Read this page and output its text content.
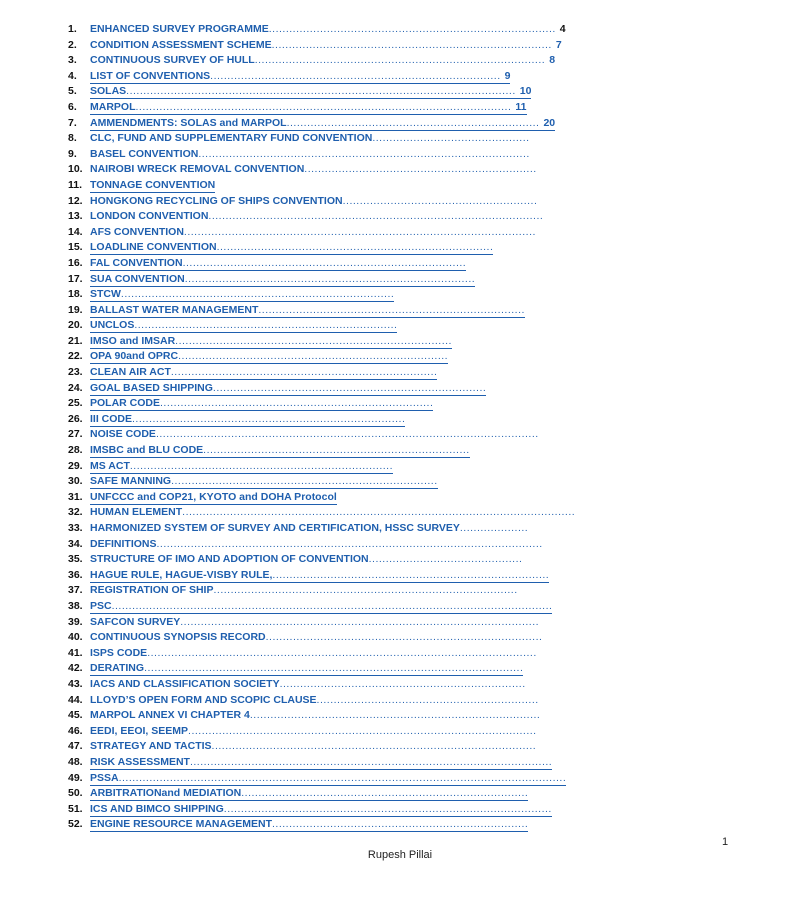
1.	ENHANCED SURVEY PROGRAMME .................................................................................... 4
2.	CONDITION ASSESSMENT SCHEME .................................................................................. 7
3.	CONTINUOUS SURVEY OF HULL ..................................................................................... 8
4.	LIST OF CONVENTIONS ..................................................................................... 9
5.	SOLAS .................................................................................................................. 10
6.	MARPOL .............................................................................................................. 11
7.	AMMENDMENTS: SOLAS and MARPOL .......................................................................... 20
8.	CLC, FUND AND SUPPLEMENTARY FUND CONVENTION ..............................................
9.	BASEL CONVENTION .................................................................................................
10. NAIROBI WRECK REMOVAL CONVENTION ....................................................................
11. TONNAGE CONVENTION
12. HONGKONG RECYCLING OF SHIPS CONVENTION .........................................................
13. LONDON CONVENTION ..................................................................................................
14. AFS CONVENTION .......................................................................................................
15. LOADLINE CONVENTION .................................................................................
16. FAL CONVENTION ...................................................................................
17. SUA CONVENTION .....................................................................................
18. STCW ................................................................................
19. BALLAST WATER MANAGEMENT ..............................................................................
20. UNCLOS .............................................................................
21. IMSO and IMSAR .................................................................................
22. OPA 90and OPRC ...............................................................................
23. CLEAN AIR ACT ..............................................................................
24. GOAL BASED SHIPPING ................................................................................
25. POLAR CODE ................................................................................
26. III CODE ................................................................................
27. NOISE CODE ................................................................................................................
28. IMSBC and BLU CODE ..............................................................................
29. MS ACT .............................................................................
30. SAFE MANNING ..............................................................................
31. UNFCCC and COP21, KYOTO and DOHA Protocol
32. HUMAN ELEMENT ...................................................................................................................
33. HARMONIZED SYSTEM OF SURVEY AND CERTIFICATION, HSSC SURVEY ....................
34. DEFINITIONS .................................................................................................................
35. STRUCTURE OF IMO AND ADOPTION OF CONVENTION .............................................
36. HAGUE RULE, HAGUE-VISBY RULE, .................................................................................
37. REGISTRATION OF SHIP .........................................................................................
38. PSC .................................................................................................................................
39. SAFCON SURVEY .........................................................................................................
40. CONTINUOUS SYNOPSIS RECORD .................................................................................
41. ISPS CODE ..................................................................................................................
42. DERATING ...............................................................................................................
43. IACS AND CLASSIFICATION SOCIETY ........................................................................
44. LLOYD’S OPEN FORM AND SCOPIC CLAUSE .................................................................
45. MARPOL ANNEX VI CHAPTER 4 .....................................................................................
46. EEDI, EEOI, SEEMP ......................................................................................................
47. STRATEGY AND TACTIS ...............................................................................................
48. RISK ASSESSMENT ..........................................................................................................
49. PSSA ...................................................................................................................................
50. ARBITRATIONand MEDIATION ....................................................................................
51. ICS AND BIMCO SHIPPING ................................................................................................
52. ENGINE RESOURCE MANAGEMENT ...........................................................................
1
Rupesh Pillai
